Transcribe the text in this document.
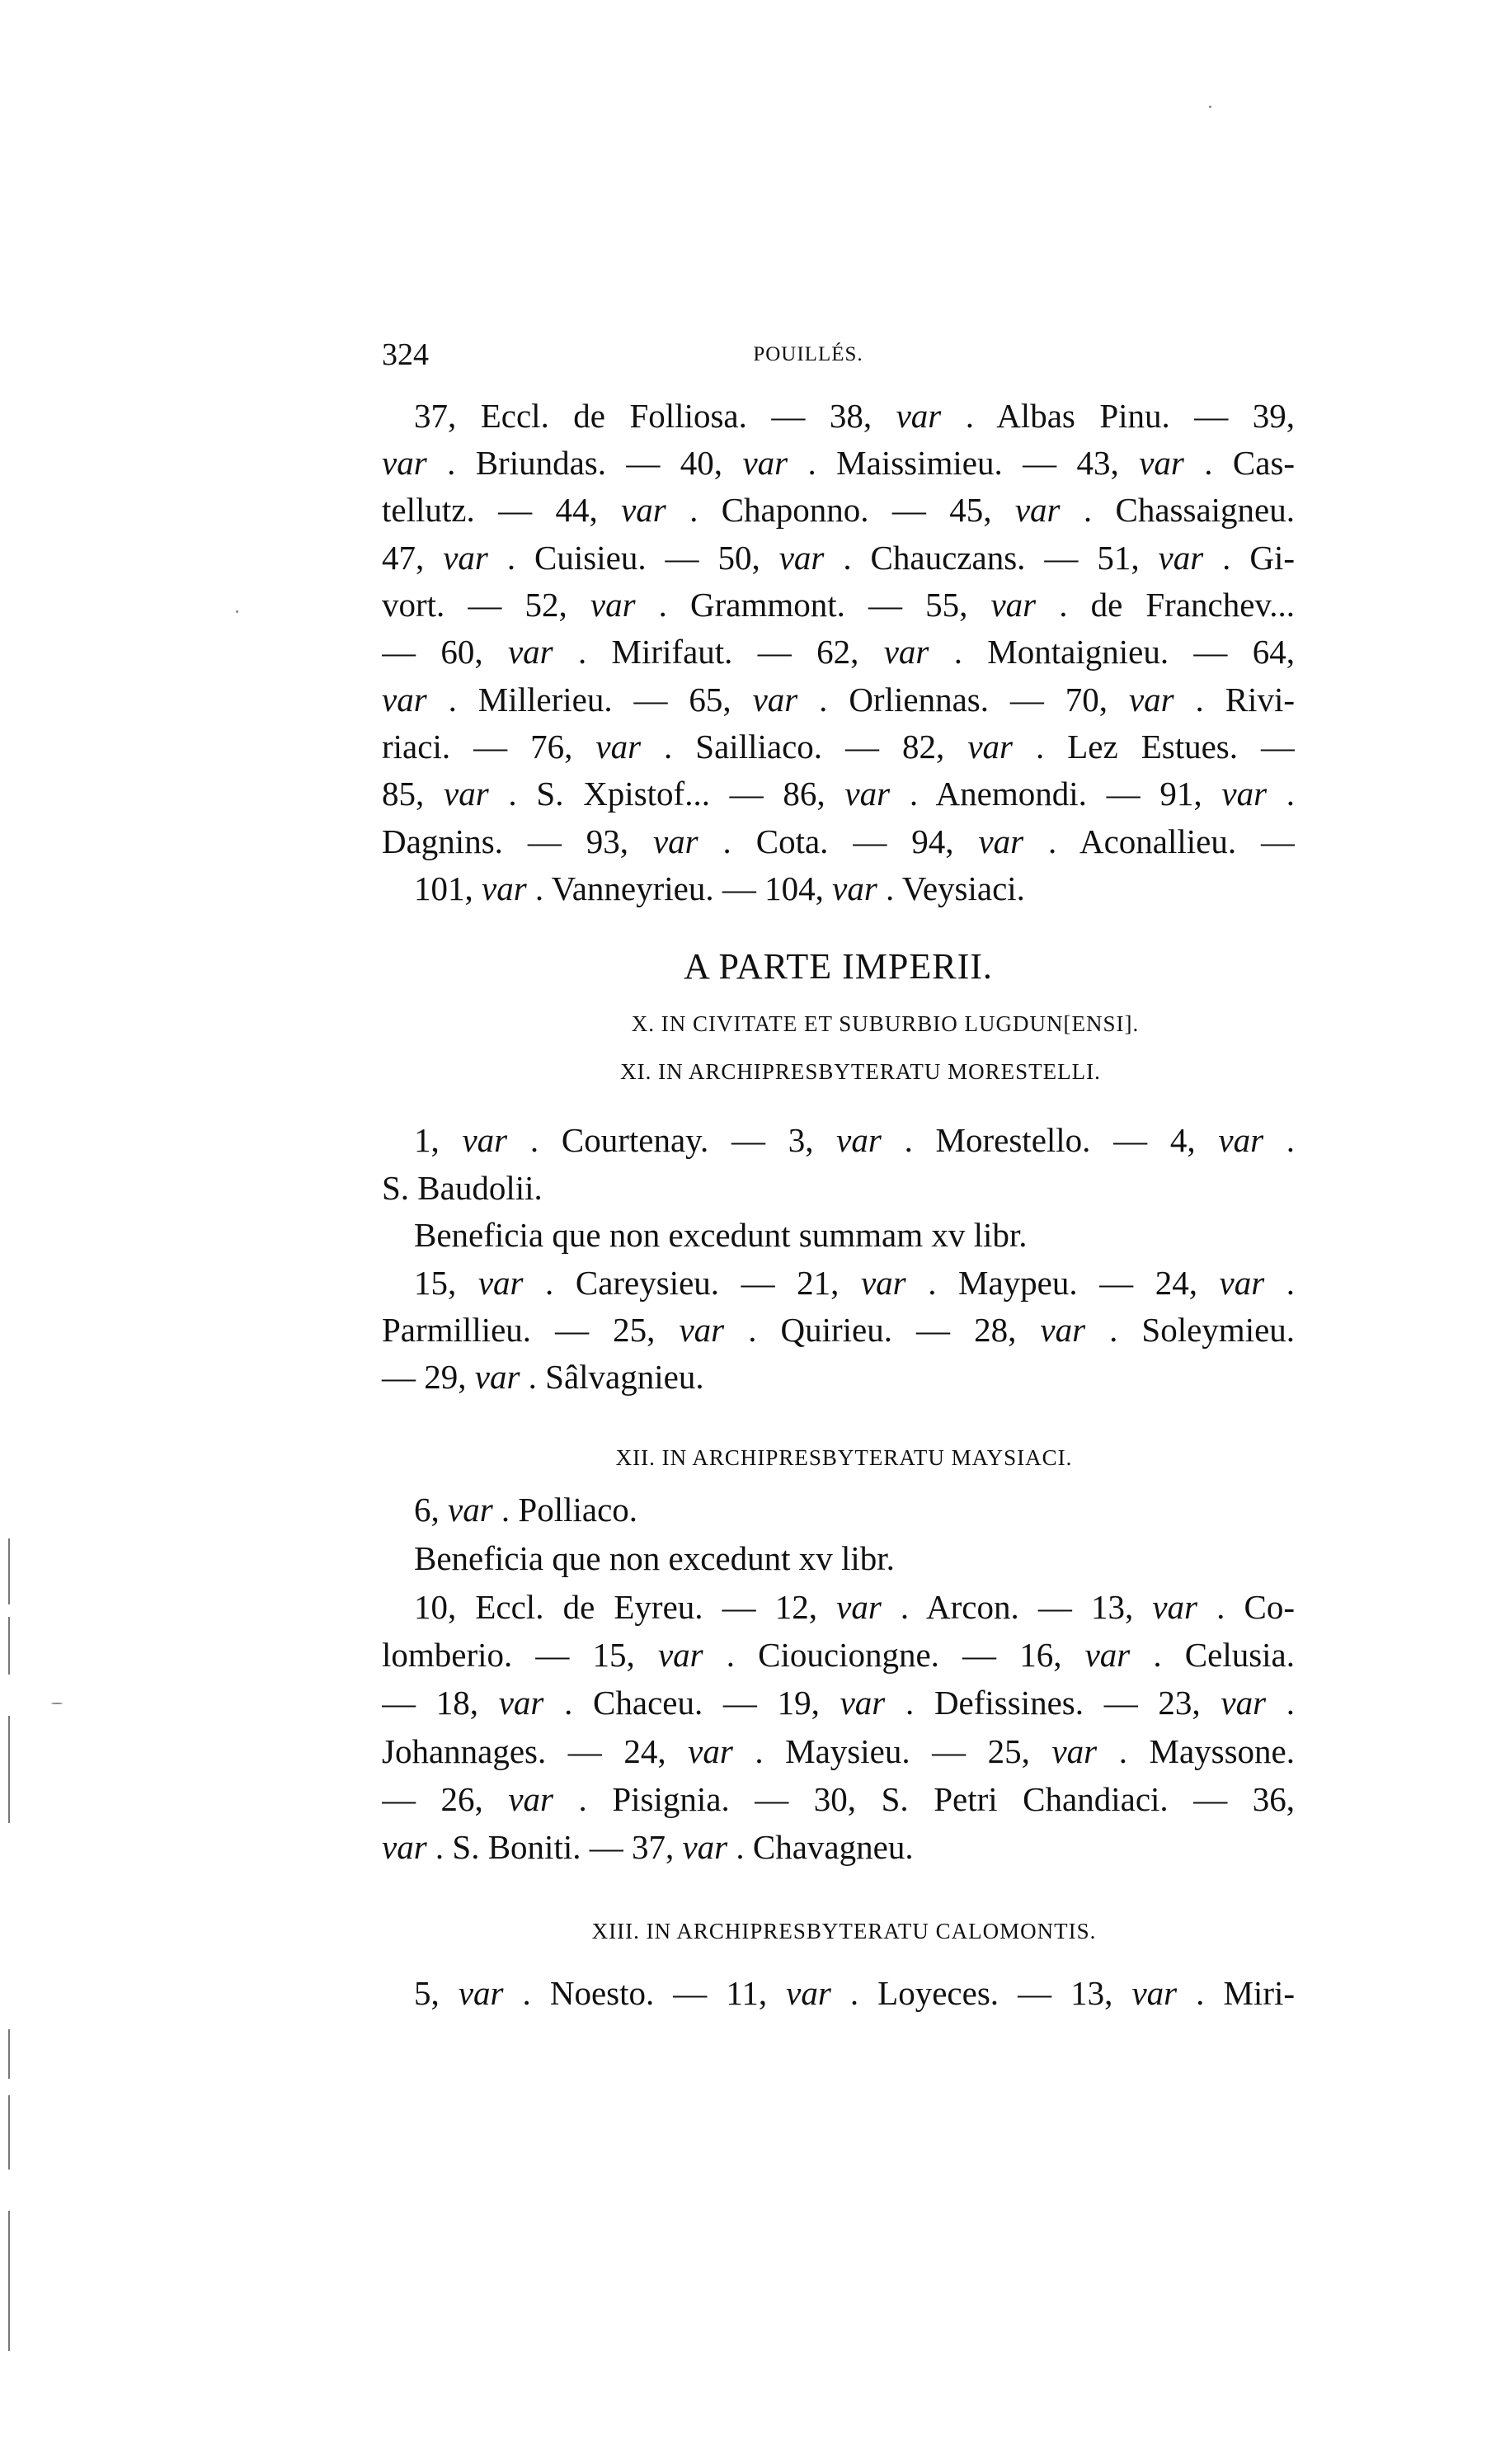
324	POUILLÉS.
37, Eccl. de Folliosa. — 38, var . Albas Pinu. — 39,
var . Briundas. — 40, var . Maissimieu. — 43, var . Cas-
tellutz. — 44, var . Chaponno. — 45, var . Chassaigneu.
47, var . Cuisieu. — 50, var . Chauczans. — 51, var . Gi-
vort. — 52, var . Grammont. — 55, var . de Franchev...
— 60, var . Mirifaut. — 62, var . Montaignieu. — 64,
var . Millerieu. — 65, var . Orliennas. — 70, var . Rivi-
riaci. — 76, var . Sailliaco. — 82, var . Lez Estues. —
85, var . S. Xpistof... — 86, var . Anemondi. — 91, var .
Dagnins. — 93, var . Cota. — 94, var . Aconallieu. —
101, var . Vanneyrieu. — 104, var . Veysiaci.
A PARTE IMPERII.
X. IN CIVITATE ET SUBURBIO LUGDUN[ENSI].
XI. IN ARCHIPRESBYTERATU MORESTELLI.
1, var . Courtenay. — 3, var . Morestello. — 4, var .
S. Baudolii.
Beneficia que non excedunt summam xv libr.
15, var . Careysieu. — 21, var . Maypeu. — 24, var .
Parmillieu. — 25, var . Quirieu. — 28, var . Soleymieu.
— 29, var . Sâlvagnieu.
XII. IN ARCHIPRESBYTERATU MAYSIACI.
6, var . Polliaco.
Beneficia que non excedunt xv libr.
10, Eccl. de Eyreu. — 12, var . Arcon. — 13, var . Co-
lomberio. — 15, var . Ciouciongne. — 16, var . Celusia.
— 18, var . Chaceu. — 19, var . Defissines. — 23, var .
Johannages. — 24, var . Maysieu. — 25, var . Mayssone.
— 26, var . Pisignia. — 30, S. Petri Chandiaci. — 36,
var . S. Boniti. — 37, var . Chavagneu.
XIII. IN ARCHIPRESBYTERATU CALOMONTIS.
5, var . Noesto. — 11, var . Loyeces. — 13, var . Miri-
